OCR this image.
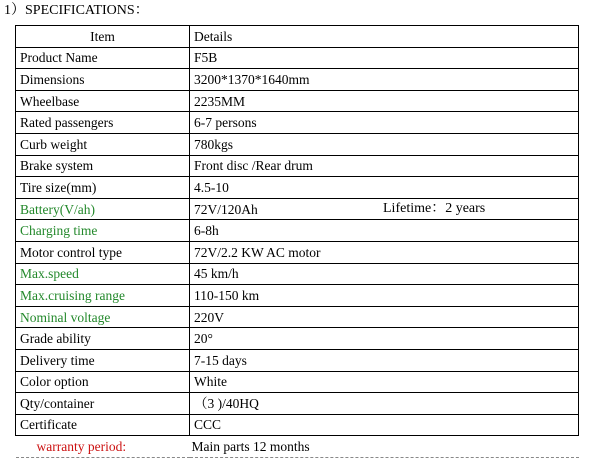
1）SPECIFICATIONS：
Item	Details
Product Name	F5B
Dimensions	3200*1370*1640mm
Wheelbase	2235MM
Rated passengers	6-7 persons
Curb weight	780kgs
Brake system	Front disc /Rear drum
Tire size(mm)	4.5-10
Battery(V/ah)	72V/120Ah Lifetime：2 years

Charging time	6-8h
Motor control type	72V/2.2 KW AC motor
Max.speed	45 km/h
Max.cruising range	110-150 km
Nominal voltage	220V
Grade ability	20°
Delivery time	7-15 days
Color option	White
Qty/container	（3 )/40HQ
Certificate	CCC
warranty period:	Main parts 12 months
